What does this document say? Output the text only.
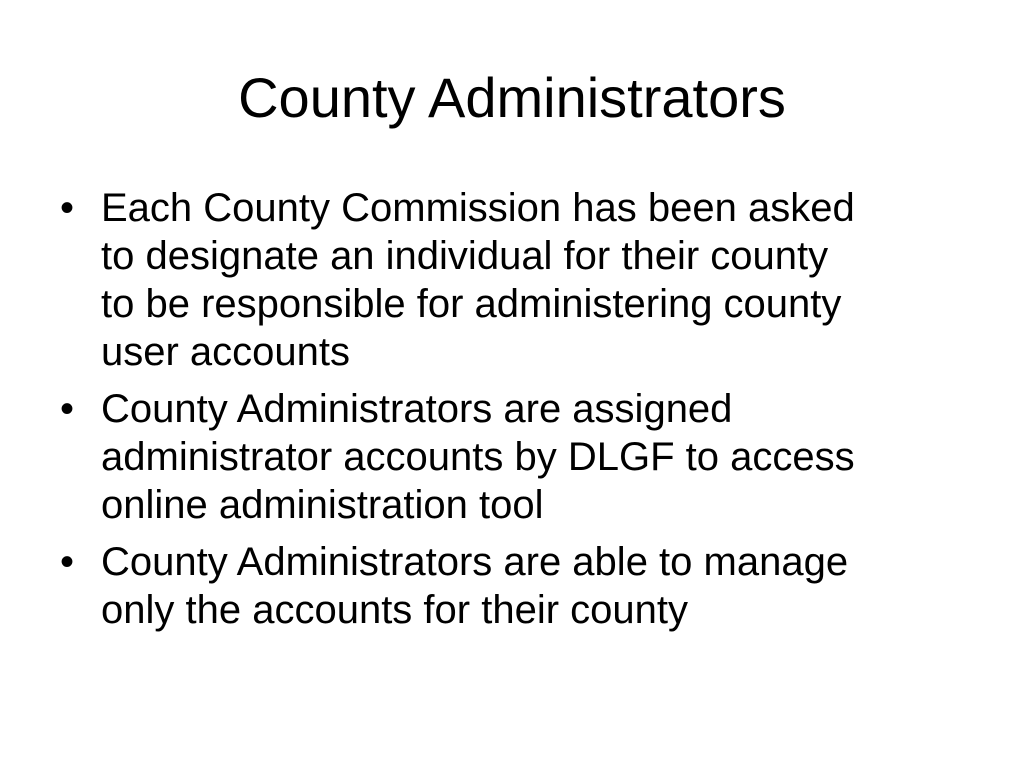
County Administrators
• Each County Commission has been asked
to designate an individual for their county
to be responsible for administering county
user accounts
• County Administrators are assigned
administrator accounts by DLGF to access
online administration tool
• County Administrators are able to manage
only the accounts for their county
